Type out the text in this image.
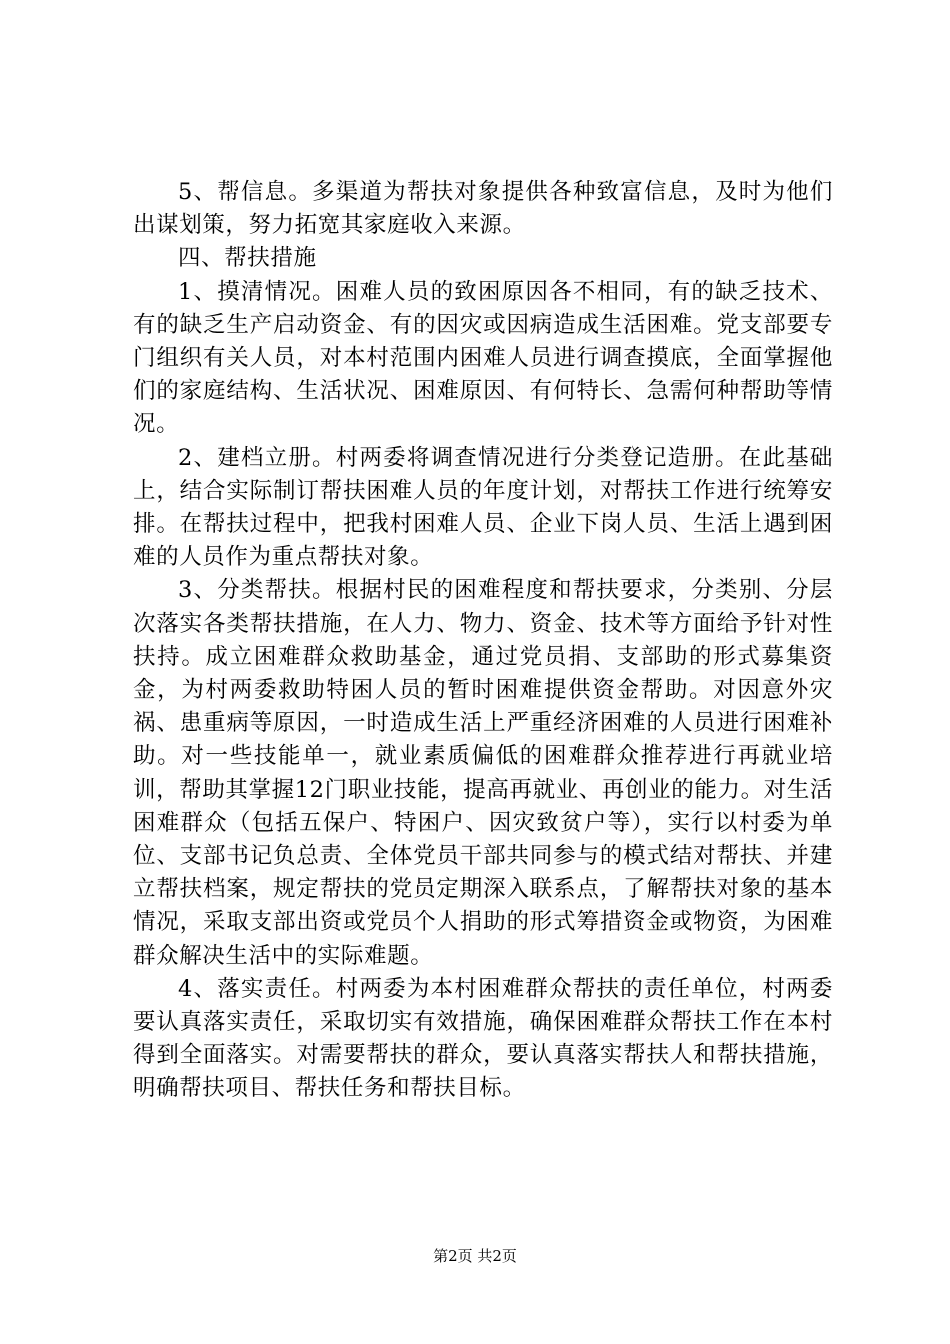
5、帮信息。多渠道为帮扶对象提供各种致富信息，及时为他们出谋划策，努力拓宽其家庭收入来源。

四、帮扶措施

1、摸清情况。困难人员的致困原因各不相同，有的缺乏技术、有的缺乏生产启动资金、有的因灾或因病造成生活困难。党支部要专门组织有关人员，对本村范围内困难人员进行调查摸底，全面掌握他们的家庭结构、生活状况、困难原因、有何特长、急需何种帮助等情况。

2、建档立册。村两委将调查情况进行分类登记造册。在此基础上，结合实际制订帮扶困难人员的年度计划，对帮扶工作进行统筹安排。在帮扶过程中，把我村困难人员、企业下岗人员、生活上遇到困难的人员作为重点帮扶对象。

3、分类帮扶。根据村民的困难程度和帮扶要求，分类别、分层次落实各类帮扶措施，在人力、物力、资金、技术等方面给予针对性扶持。成立困难群众救助基金，通过党员捐、支部助的形式募集资金，为村两委救助特困人员的暂时困难提供资金帮助。对因意外灾祸、患重病等原因，一时造成生活上严重经济困难的人员进行困难补助。对一些技能单一，就业素质偏低的困难群众推荐进行再就业培训，帮助其掌握12门职业技能，提高再就业、再创业的能力。对生活困难群众（包括五保户、特困户、因灾致贫户等），实行以村委为单位、支部书记负总责、全体党员干部共同参与的模式结对帮扶、并建立帮扶档案，规定帮扶的党员定期深入联系点，了解帮扶对象的基本情况，采取支部出资或党员个人捐助的形式筹措资金或物资，为困难群众解决生活中的实际难题。

4、落实责任。村两委为本村困难群众帮扶的责任单位，村两委要认真落实责任，采取切实有效措施，确保困难群众帮扶工作在本村得到全面落实。对需要帮扶的群众，要认真落实帮扶人和帮扶措施，明确帮扶项目、帮扶任务和帮扶目标。

第2页 共2页
